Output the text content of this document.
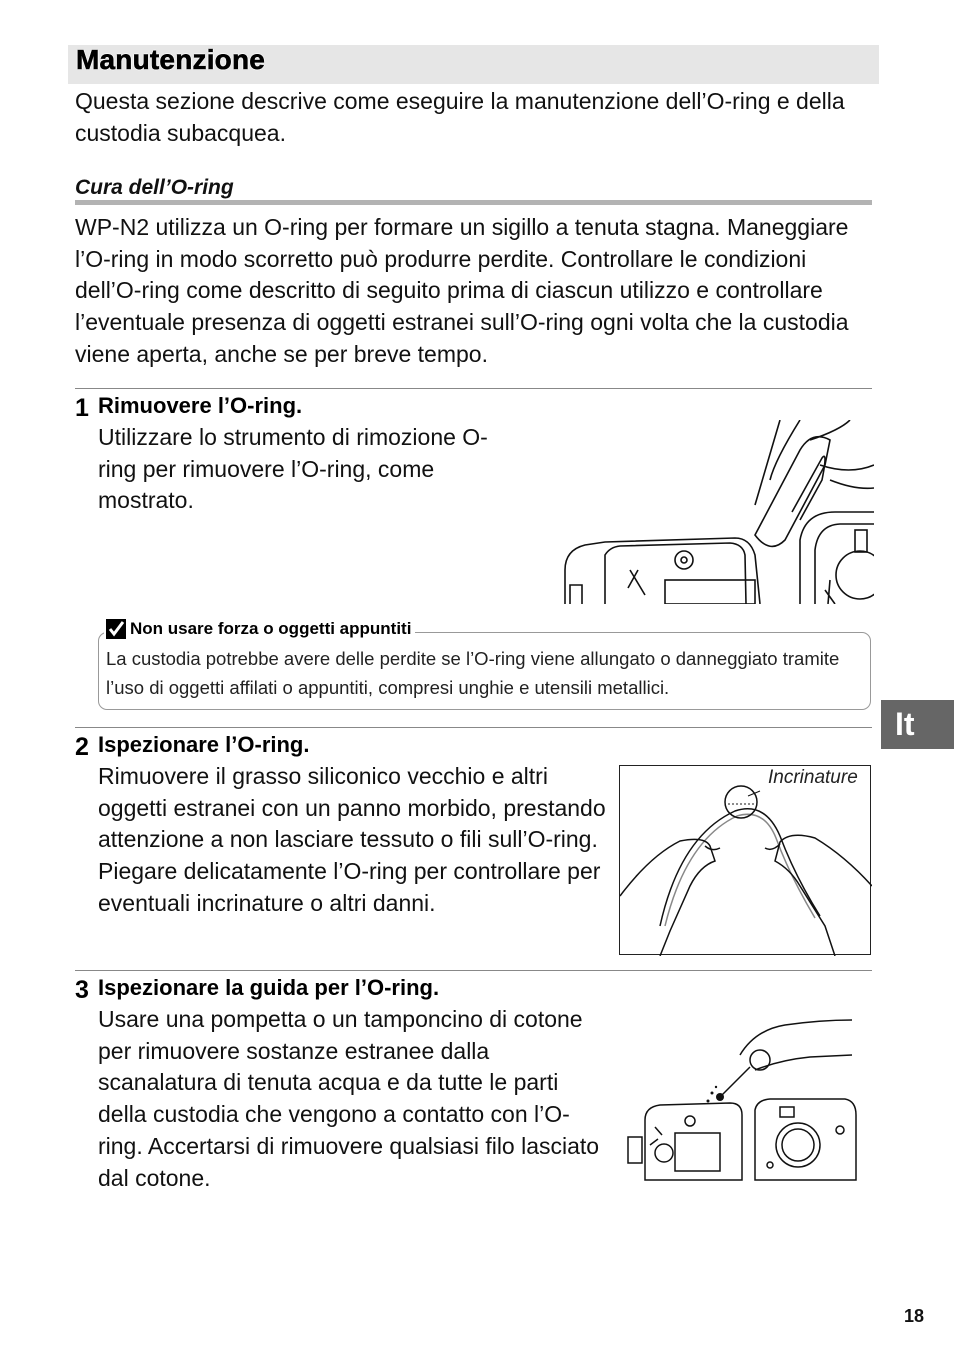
Manutenzione
Questa sezione descrive come eseguire la manutenzione dell’O-ring e della custodia subacquea.
Cura dell’O-ring
WP-N2 utilizza un O-ring per formare un sigillo a tenuta stagna. Maneggiare l’O-ring in modo scorretto può produrre perdite. Controllare le condizioni dell’O-ring come descritto di seguito prima di ciascun utilizzo e controllare l’eventuale presenza di oggetti estranei sull’O-ring ogni volta che la custodia viene aperta, anche se per breve tempo.
1 Rimuovere l’O-ring.
Utilizzare lo strumento di rimozione O-ring per rimuovere l’O-ring, come mostrato.
Non usare forza o oggetti appuntiti
La custodia potrebbe avere delle perdite se l’O-ring viene allungato o danneggiato tramite l’uso di oggetti affilati o appuntiti, compresi unghie e utensili metallici.
It
2 Ispezionare l’O-ring.
Rimuovere il grasso siliconico vecchio e altri oggetti estranei con un panno morbido, prestando attenzione a non lasciare tessuto o fili sull’O-ring. Piegare delicatamente l’O-ring per controllare per eventuali incrinature o altri danni.
Incrinature
3 Ispezionare la guida per l’O-ring.
Usare una pompetta o un tamponcino di cotone per rimuovere sostanze estranee dalla scanalatura di tenuta acqua e da tutte le parti della custodia che vengono a contatto con l’O-ring. Accertarsi di rimuovere qualsiasi filo lasciato dal cotone.
18
